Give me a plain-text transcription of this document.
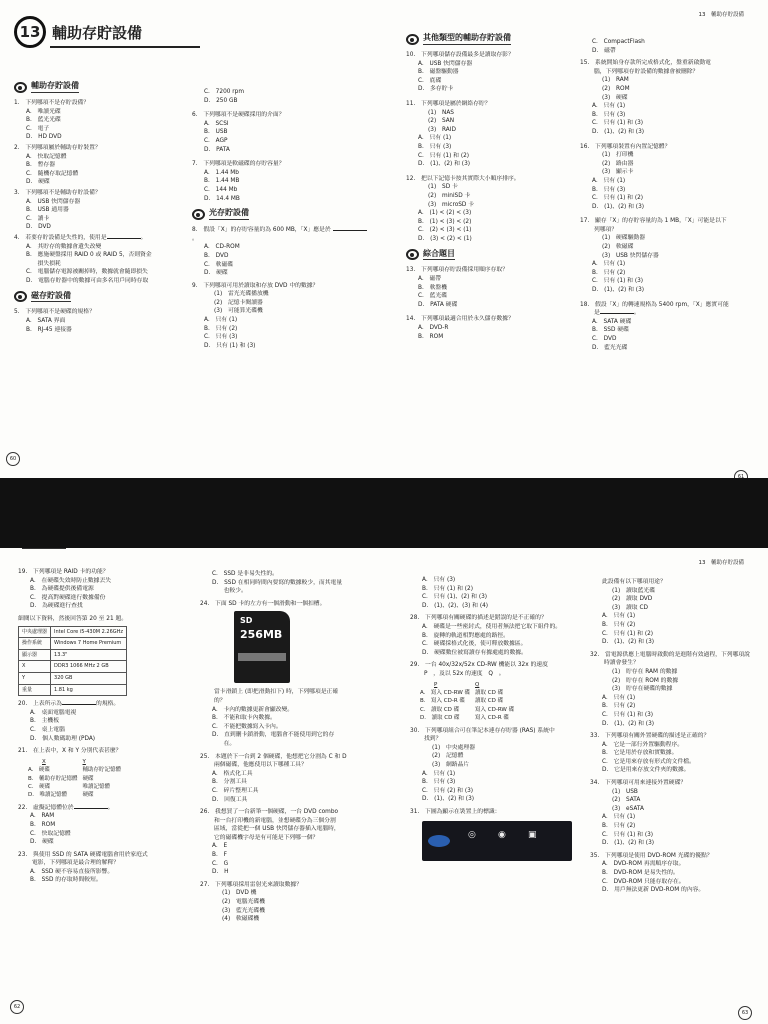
13 輔助存貯設備
輔助存貯設備
1.　下列哪項不是存貯設備？
A.　唯讀光碟
B.　藍光光碟
C.　電子
D.　HD DVD
2.　下列哪項屬於輔助存貯裝置？
A.　快取記憶體
B.　暫存器
C.　隨機存取記憶體
D.　硬碟
3.　下列哪項不是輔助存貯設備？
A.　USB 快閃儲存器
B.　USB 通用器
C.　讀卡
D.　DVD
4.　若要存貯設備是失性的，使用是	。
A.　其貯存的數據會遺失改變
B.　應施硬盤採用 RAID 0 或 RAID 5，否則資金
　　損失損耗
C.　電腦儲存電源被關掉時，數據就會隨即損失
D.　電腦存貯器中的數據可由多名用戶同時存取
磁存貯設備
5.　下列哪項不是硬碟的規格？
A.　SATA 界面
B.　RJ-45 連接器
C.　7200 rpm
D.　250 GB
6.　下列哪項不是硬碟採用的介面？
A.　SCSI
B.　USB
C.　AGP
D.　PATA
7.　下列哪項是軟磁碟的存貯容量？
A.　1.44 Mb
B.　1.44 MB
C.　144 Mb
D.　14.4 MB
光存貯設備
8.　假設「X」的存貯容量約為 600 MB，「X」應是於 。
A.　CD-ROM
B.　DVD
C.　軟磁碟
D.　硬碟
9.　下列哪項可用於讀取和存放 DVD 中的數據？
(1)　雷光光碟播放機
(2)　記憶卡閱讀器
(3)　可能算光碟機
A.　只有 (1)
B.　只有 (2)
C.　只有 (3)
D.　只有 (1) 和 (3)
60
13　輔助存貯設備
其他類型的輔助存貯設備
10.　下列哪項儲存設備最多是讀取存影？
A.　USB 快閃儲存器
B.　磁盤驅動器
C.　底碟
D.　多存貯卡
11.　下列哪項是屬於網絡存貯？
(1)　NAS
(2)　SAN
(3)　RAID
A.　只有 (1)
B.　只有 (3)
C.　只有 (1) 和 (2)
D.　(1)、(2) 和 (3)
12.　把以下記憶卡按其實際大小順序排序。
(1)　SD 卡
(2)　miniSD 卡
(3)　microSD 卡
A.　(1) < (2) < (3)
B.　(1) < (3) < (2)
C.　(2) < (3) < (1)
D.　(3) < (2) < (1)
綜合題目
13.　下列哪項存貯設備採用順序存取？
A.　磁帶
B.　軟盤機
C.　藍光碟
D.　PATA 硬碟
14.　下列哪項最適合用於永久儲存數據？
A.　DVD-R
B.　ROM
C.　CompactFlash
D.　磁帶
15.　系統開始身存款所完成格式化，盤重新啟動電
腦，下列哪項存貯設備的數據會被刪除？
(1)　RAM
(2)　ROM
(3)　硬碟
A.　只有 (1)
B.　只有 (3)
C.　只有 (1) 和 (3)
D.　(1)、(2) 和 (3)
16.　下列哪項裝置有內置記憶體？
(1)　打印機
(2)　路由器
(3)　顯示卡
A.　只有 (1)
B.　只有 (3)
C.　只有 (1) 和 (2)
D.　(1)、(2) 和 (3)
17.　顯存「X」的存貯容量約為 1 MB，「X」可能是以下
列哪項？
(1)　硬碟驅動器
(2)　軟磁碟
(3)　USB 快閃儲存器
A.　只有 (1)
B.　只有 (2)
C.　只有 (1) 和 (3)
D.　(1)、(2) 和 (3)
18.　假設「X」的轉速規格為 5400 rpm，「X」應實可能
是	。
A.　SATA 硬碟
B.　SSD 硬碟
C.　DVD
D.　藍光光碟
61
19.　下列哪項是 RAID 卡的功能？
A.　在硬碟失效時防止數據丟失
B.　為硬碟提供後備電源
C.　提高對硬碟進行數據備份
D.　為硬碟進行查找
細閱以下資料，然後回答第 20 至 21 題。
中央處理器	Intel Core i5-430M 2.26GHz
操作系統	Windows 7 Home Premium
顯示器	13.3"
X	DDR3 1066 MHz 2 GB
Y	320 GB
重量	1.81 kg
20.　上表所示為	的規格。
A.　桌面電腦電視
B.　主機板
C.　桌上電腦
D.　個人數碼助理 (PDA)
21.　在上表中，X 和 Y 分別代表甚麼？
X	Y
A.　硬碟	輔助存貯記憶體
B.　輔助存貯記憶體	硬碟
C.　硬碟	唯讀記憶體
D.　唯讀記憶體	硬碟
22.　虛擬記憶體位於	。
A.　RAM
B.　ROM
C.　快取記憶體
D.　硬碟
23.　與使用 SSD 的 SATA 硬碟電腦會用於家庭式
電影，下列哪項是最合理的解釋？
A.　SSD 硬不容易直接所影響。
B.　SSD 的存取時間較短。
C.　SSD 是非易失性的。
D.　SSD 在相同時間內要寫的數據較少，而其電量
　　也較少。
24.　下面 SD 卡的左方有一個滑動和一個扣槽。
SD
256MB
當卡滑鎖上 (即把滑動扣下) 時，下列哪項是正確
的？
A.　卡內的數據更新會顯改變。
B.　不能和取卡內數據。
C.　不能把數據寫入卡內。
D.　直到刪卡鎖滑動，電腦會不能使用到它的存
　　在。
25.　本題於下一台到 2 個硬碟，他想把它分割為 C 和 D
兩個磁碟，他應使用以下哪種工具？
A.　格式化工具
B.　分割工具
C.　碎片整理工具
D.　回復工具
26.　我想買了一台新筆一個硬碟，一台 DVD combo
和一台打印機的新電腦，並想硬碟分為三個分割
區域，當從把一個 USB 快閃儲存器插入電腦時，
它的磁碟機字母是有可能是下列哪一個？
A.　E
B.　F
C.　G
D.　H
27.　下列哪項採用雷射光來讀取數據？
(1)　DVD 機
(2)　電腦光碟機
(3)　藍光光碟機
(4)　軟磁碟機
62
13　輔助存貯設備
A.　只有 (3)
B.　只有 (1) 和 (2)
C.　只有 (1)、(2) 和 (3)
D.　(1)、(2)、(3) 和 (4)
28.　下列哪項有關硬碟的描述是錯誤的是不正確的？
A.　硬碟是一些密封式，使用者無法把它取下組件的。
B.　旋轉的軌道相對應處的路徑。
C.　硬碟採格式化後，使可釋放數據區。
D.　硬碟數位被寫讀存有據處處的數據。
29.　一台 40x/32x/52x CD-RW 機能以 32x 的速度
P　，及以 52x 的速度　Q　。
P	Q
A.　寫入 CD-RW 碟	讀取 CD 碟
B.　寫入 CD-R 碟	讀取 CD 碟
C.　讀取 CD 碟	寫入 CD-RW 碟
D.　讀取 CD 碟	寫入 CD-R 碟
30.　下列哪項組合可在筆記本連存存貯器 (RAS) 系統中
找到？
(1)　中央處理器
(2)　記憶體
(3)　網路晶片
A.　只有 (1)
B.　只有 (3)
C.　只有 (2) 和 (3)
D.　(1)、(2) 和 (3)
31.　下圖為顯示在裝置上的標識：
◎ ◉ ▣
此設備有以下哪項用途？
(1)　讀取藍光碟
(2)　讀取 DVD
(3)　讀取 CD
A.　只有 (1)
B.　只有 (2)
C.　只有 (1) 和 (2)
D.　(1)、(2) 和 (3)
32.　當電源供應上電腦時啟動的是進階有效過程，下列哪項說
時讀會發生？
(1)　貯存在 RAM 的數據
(2)　貯存在 ROM 的數據
(3)　貯存在硬碟的數據
A.　只有 (1)
B.　只有 (2)
C.　只有 (1) 和 (3)
D.　(1)、(2) 和 (3)
33.　下列哪項有關外置硬碟的描述是正確的？
A.　它是一部行外置驅動程序。
B.　它是用於存放和實數據。
C.　它是用來存放有形式的文件檔。
D.　它是用來存放文件夾的數據。
34.　下列哪項可用來連接外置硬碟？
(1)　USB
(2)　SATA
(3)　eSATA
A.　只有 (1)
B.　只有 (2)
C.　只有 (1) 和 (3)
D.　(1)、(2) 和 (3)
35.　下列哪項是使用 DVD-ROM 光碟的優點？
A.　DVD-ROM 再需順序存取。
B.　DVD-ROM 是易失性的。
C.　DVD-ROM 只能存取存在。
D.　用戶無法更新 DVD-ROM 的內容。
63
